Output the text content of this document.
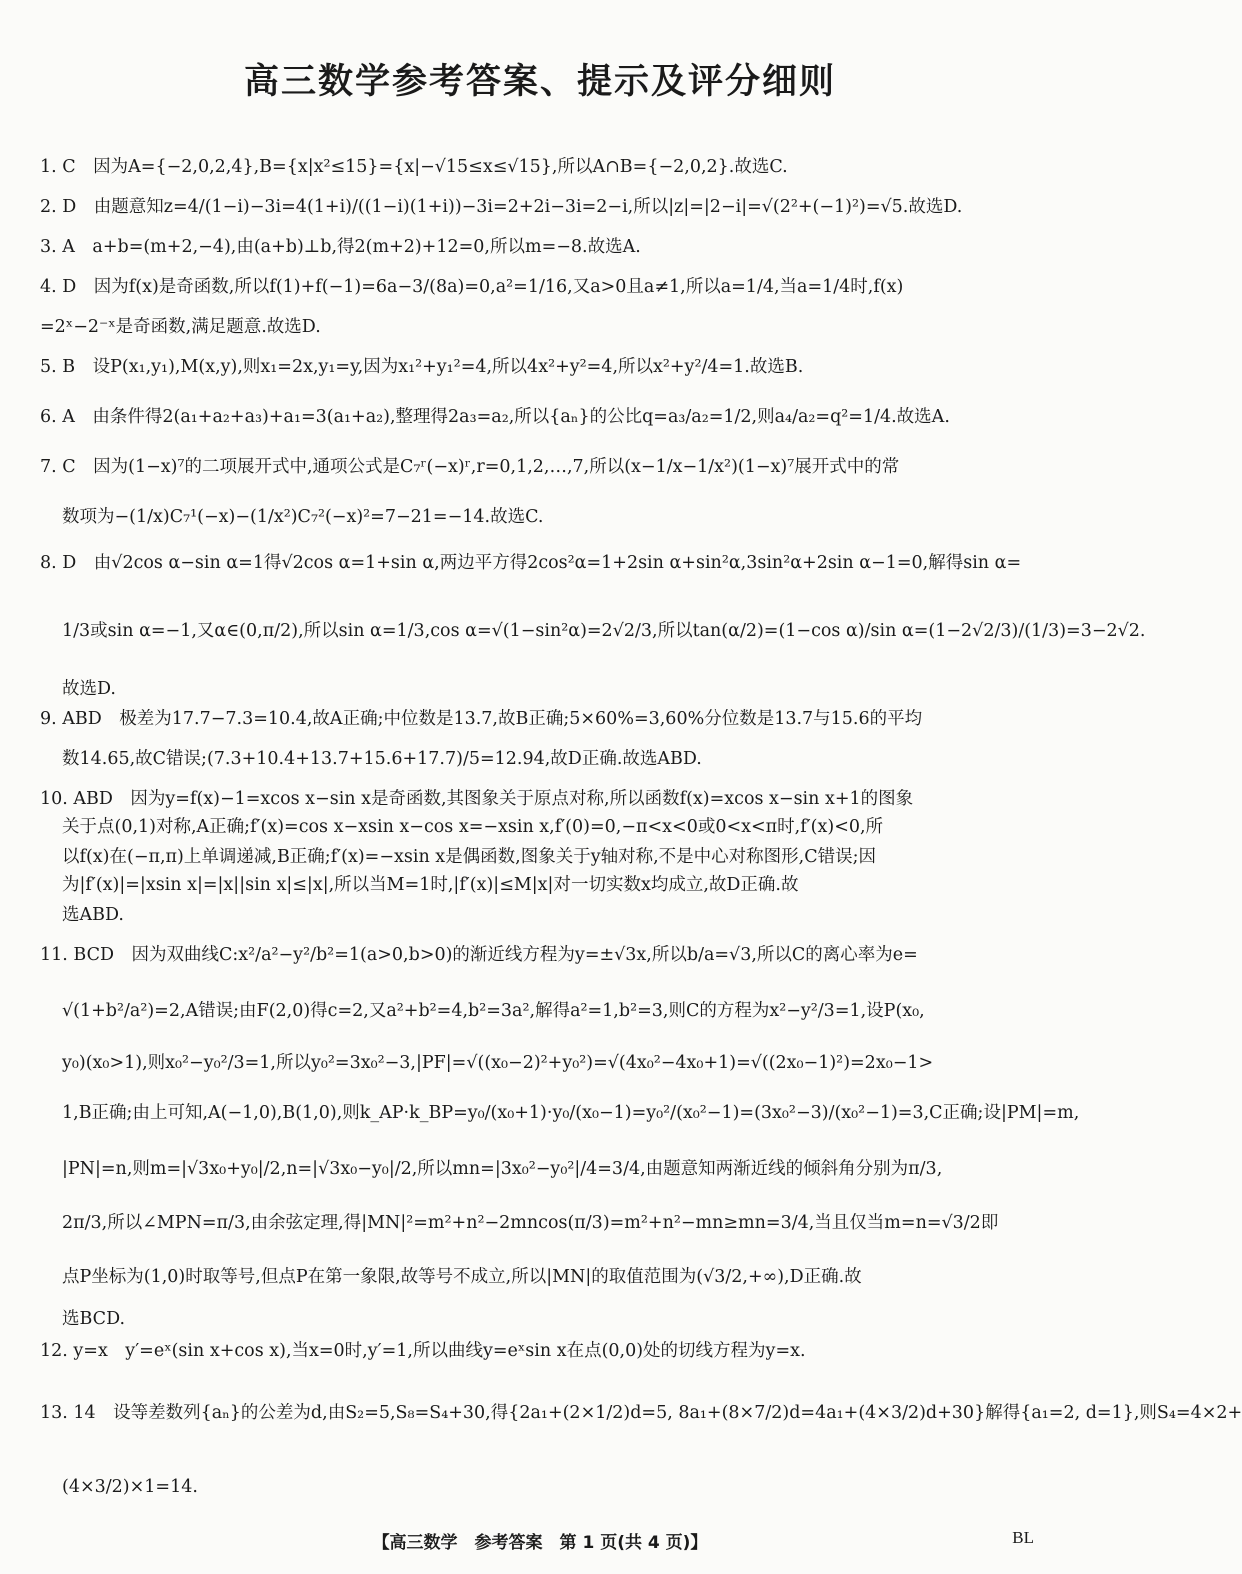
高三数学参考答案、提示及评分细则
1. C　因为A={−2,0,2,4},B={x|x²≤15}={x|−√15≤x≤√15},所以A∩B={−2,0,2}.故选C.
2. D　由题意知z=4/(1−i)−3i=4(1+i)/((1−i)(1+i))−3i=2+2i−3i=2−i,所以|z|=|2−i|=√(2²+(−1)²)=√5.故选D.
3. A　a+b=(m+2,−4),由(a+b)⊥b,得2(m+2)+12=0,所以m=−8.故选A.
4. D　因为f(x)是奇函数,所以f(1)+f(−1)=6a−3/(8a)=0,a²=1/16,又a>0且a≠1,所以a=1/4,当a=1/4时,f(x)
=2ˣ−2⁻ˣ是奇函数,满足题意.故选D.
5. B　设P(x₁,y₁),M(x,y),则x₁=2x,y₁=y,因为x₁²+y₁²=4,所以4x²+y²=4,所以x²+y²/4=1.故选B.
6. A　由条件得2(a₁+a₂+a₃)+a₁=3(a₁+a₂),整理得2a₃=a₂,所以{aₙ}的公比q=a₃/a₂=1/2,则a₄/a₂=q²=1/4.故选A.
7. C　因为(1−x)⁷的二项展开式中,通项公式是C₇ʳ(−x)ʳ,r=0,1,2,…,7,所以(x−1/x−1/x²)(1−x)⁷展开式中的常
数项为−(1/x)C₇¹(−x)−(1/x²)C₇²(−x)²=7−21=−14.故选C.
8. D　由√2cos α−sin α=1得√2cos α=1+sin α,两边平方得2cos²α=1+2sin α+sin²α,3sin²α+2sin α−1=0,解得sin α=
1/3或sin α=−1,又α∈(0,π/2),所以sin α=1/3,cos α=√(1−sin²α)=2√2/3,所以tan(α/2)=(1−cos α)/sin α=(1−2√2/3)/(1/3)=3−2√2.
故选D.
9. ABD　极差为17.7−7.3=10.4,故A正确;中位数是13.7,故B正确;5×60%=3,60%分位数是13.7与15.6的平均
数14.65,故C错误;(7.3+10.4+13.7+15.6+17.7)/5=12.94,故D正确.故选ABD.
10. ABD　因为y=f(x)−1=xcos x−sin x是奇函数,其图象关于原点对称,所以函数f(x)=xcos x−sin x+1的图象
关于点(0,1)对称,A正确;f′(x)=cos x−xsin x−cos x=−xsin x,f′(0)=0,−π<x<0或0<x<π时,f′(x)<0,所
以f(x)在(−π,π)上单调递减,B正确;f′(x)=−xsin x是偶函数,图象关于y轴对称,不是中心对称图形,C错误;因
为|f′(x)|=|xsin x|=|x||sin x|≤|x|,所以当M=1时,|f′(x)|≤M|x|对一切实数x均成立,故D正确.故
选ABD.
11. BCD　因为双曲线C:x²/a²−y²/b²=1(a>0,b>0)的渐近线方程为y=±√3x,所以b/a=√3,所以C的离心率为e=
√(1+b²/a²)=2,A错误;由F(2,0)得c=2,又a²+b²=4,b²=3a²,解得a²=1,b²=3,则C的方程为x²−y²/3=1,设P(x₀,
y₀)(x₀>1),则x₀²−y₀²/3=1,所以y₀²=3x₀²−3,|PF|=√((x₀−2)²+y₀²)=√(4x₀²−4x₀+1)=√((2x₀−1)²)=2x₀−1>
1,B正确;由上可知,A(−1,0),B(1,0),则k_AP·k_BP=y₀/(x₀+1)·y₀/(x₀−1)=y₀²/(x₀²−1)=(3x₀²−3)/(x₀²−1)=3,C正确;设|PM|=m,
|PN|=n,则m=|√3x₀+y₀|/2,n=|√3x₀−y₀|/2,所以mn=|3x₀²−y₀²|/4=3/4,由题意知两渐近线的倾斜角分别为π/3,
2π/3,所以∠MPN=π/3,由余弦定理,得|MN|²=m²+n²−2mncos(π/3)=m²+n²−mn≥mn=3/4,当且仅当m=n=√3/2即
点P坐标为(1,0)时取等号,但点P在第一象限,故等号不成立,所以|MN|的取值范围为(√3/2,+∞),D正确.故
选BCD.
12. y=x　y′=eˣ(sin x+cos x),当x=0时,y′=1,所以曲线y=eˣsin x在点(0,0)处的切线方程为y=x.
13. 14　设等差数列{aₙ}的公差为d,由S₂=5,S₈=S₄+30,得{2a₁+(2×1/2)d=5, 8a₁+(8×7/2)d=4a₁+(4×3/2)d+30}解得{a₁=2, d=1},则S₄=4×2+
(4×3/2)×1=14.
【高三数学　参考答案　第 1 页(共 4 页)】	BL
